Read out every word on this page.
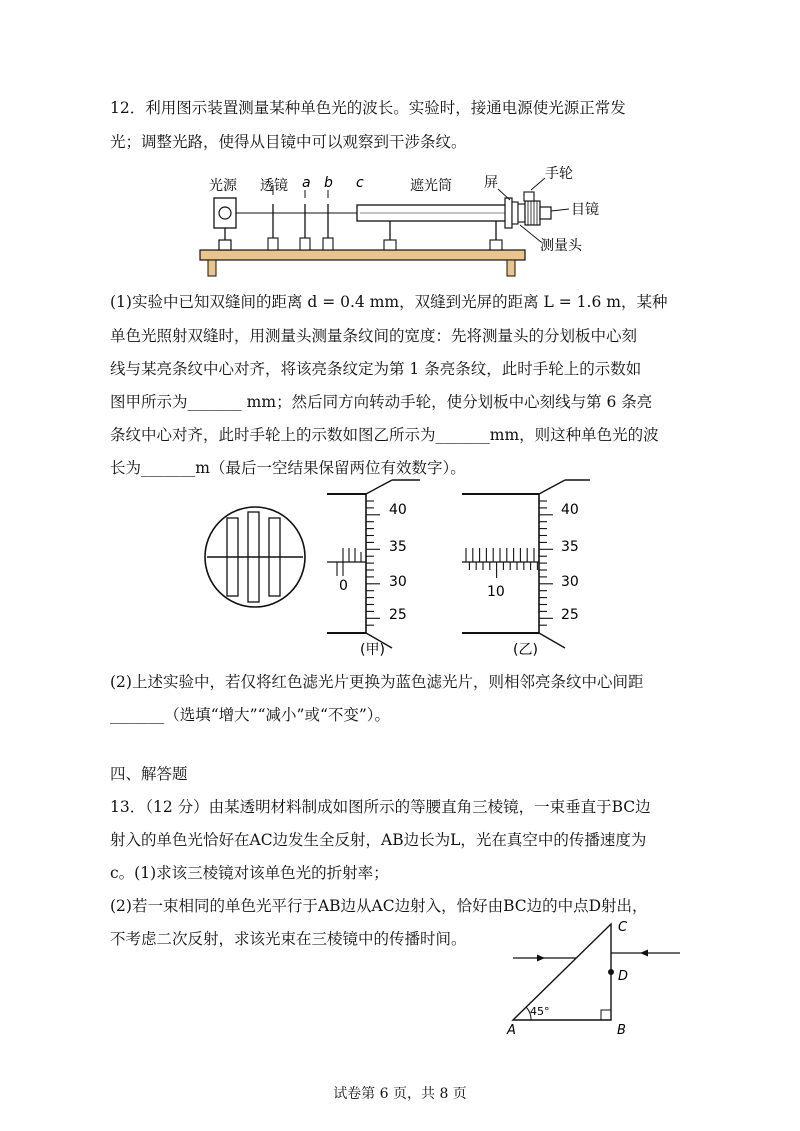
12．利用图示装置测量某种单色光的波长。实验时，接通电源使光源正常发
光；调整光路，使得从目镜中可以观察到干涉条纹。
光源 透镜 a b c	遮光筒 屏
手轮
目镜
测量头
(1)实验中已知双缝间的距离 d = 0.4 mm，双缝到光屏的距离 L = 1.6 m，某种
单色光照射双缝时，用测量头测量条纹间的宽度：先将测量头的分划板中心刻
线与某亮条纹中心对齐，将该亮条纹定为第 1 条亮条纹，此时手轮上的示数如
图甲所示为_______ mm；然后同方向转动手轮，使分划板中心刻线与第 6 条亮
条纹中心对齐，此时手轮上的示数如图乙所示为_______mm，则这种单色光的波
长为_______m（最后一空结果保留两位有效数字）。
0
40
35
30
25
(甲)
10
40
35
30
25
(乙)
(2)上述实验中，若仅将红色滤光片更换为蓝色滤光片，则相邻亮条纹中心间距
_______（选填“增大”“减小”或“不变”）。
四、解答题
13．（12 分）由某透明材料制成如图所示的等腰直角三棱镜，一束垂直于BC边
射入的单色光恰好在AC边发生全反射，AB边长为L，光在真空中的传播速度为
c。(1)求该三棱镜对该单色光的折射率；
(2)若一束相同的单色光平行于AB边从AC边射入，恰好由BC边的中点D射出，
不考虑二次反射，求该光束在三棱镜中的传播时间。
45°
A	B
C
D
试卷第 6 页，共 8 页
